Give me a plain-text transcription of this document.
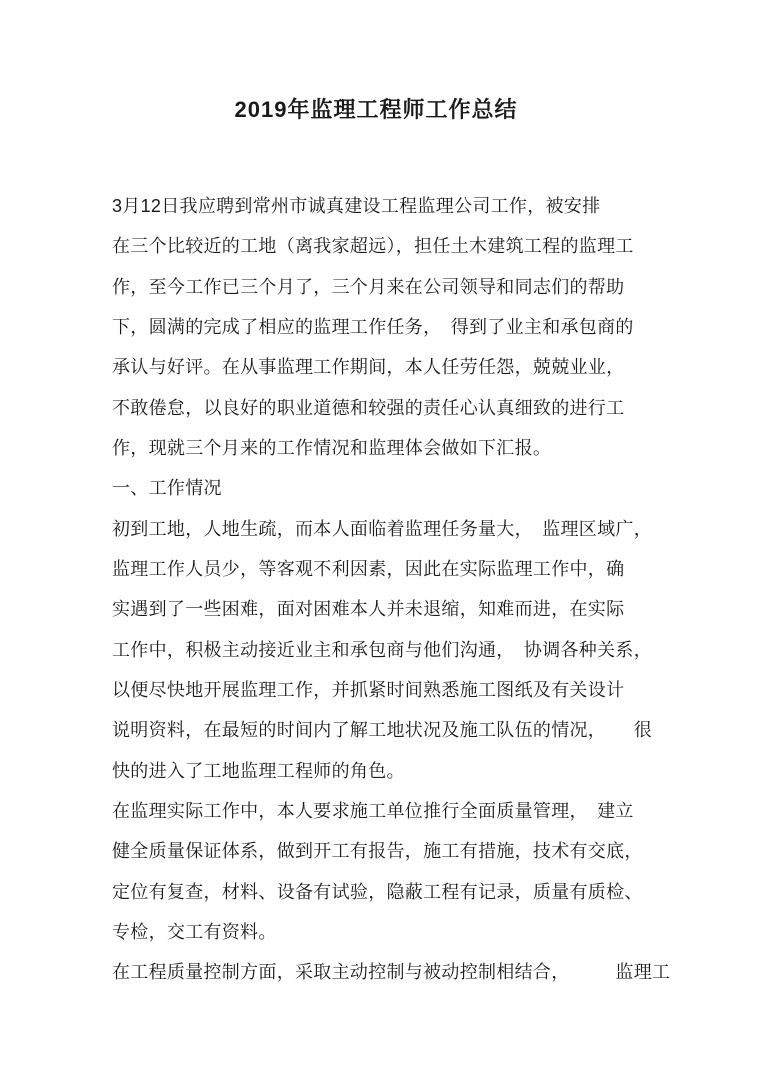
2019年监理工程师工作总结
3月12日我应聘到常州市诚真建设工程监理公司工作，被安排
在三个比较近的工地（离我家超远），担任土木建筑工程的监理工
作，至今工作已三个月了，三个月来在公司领导和同志们的帮助
下，圆满的完成了相应的监理工作任务，　得到了业主和承包商的
承认与好评。在从事监理工作期间，本人任劳任怨，兢兢业业，
不敢倦怠，以良好的职业道德和较强的责任心认真细致的进行工
作，现就三个月来的工作情况和监理体会做如下汇报。
一、工作情况
初到工地，人地生疏，而本人面临着监理任务量大，　监理区域广，
监理工作人员少，等客观不利因素，因此在实际监理工作中，确
实遇到了一些困难，面对困难本人并未退缩，知难而进，在实际
工作中，积极主动接近业主和承包商与他们沟通，　协调各种关系，
以便尽快地开展监理工作，并抓紧时间熟悉施工图纸及有关设计
说明资料，在最短的时间内了解工地状况及施工队伍的情况，　　很
快的进入了工地监理工程师的角色。
在监理实际工作中，本人要求施工单位推行全面质量管理，　建立
健全质量保证体系，做到开工有报告，施工有措施，技术有交底，
定位有复查，材料、设备有试验，隐蔽工程有记录，质量有质检、
专检，交工有资料。
在工程质量控制方面，采取主动控制与被动控制相结合，　　　监理工
